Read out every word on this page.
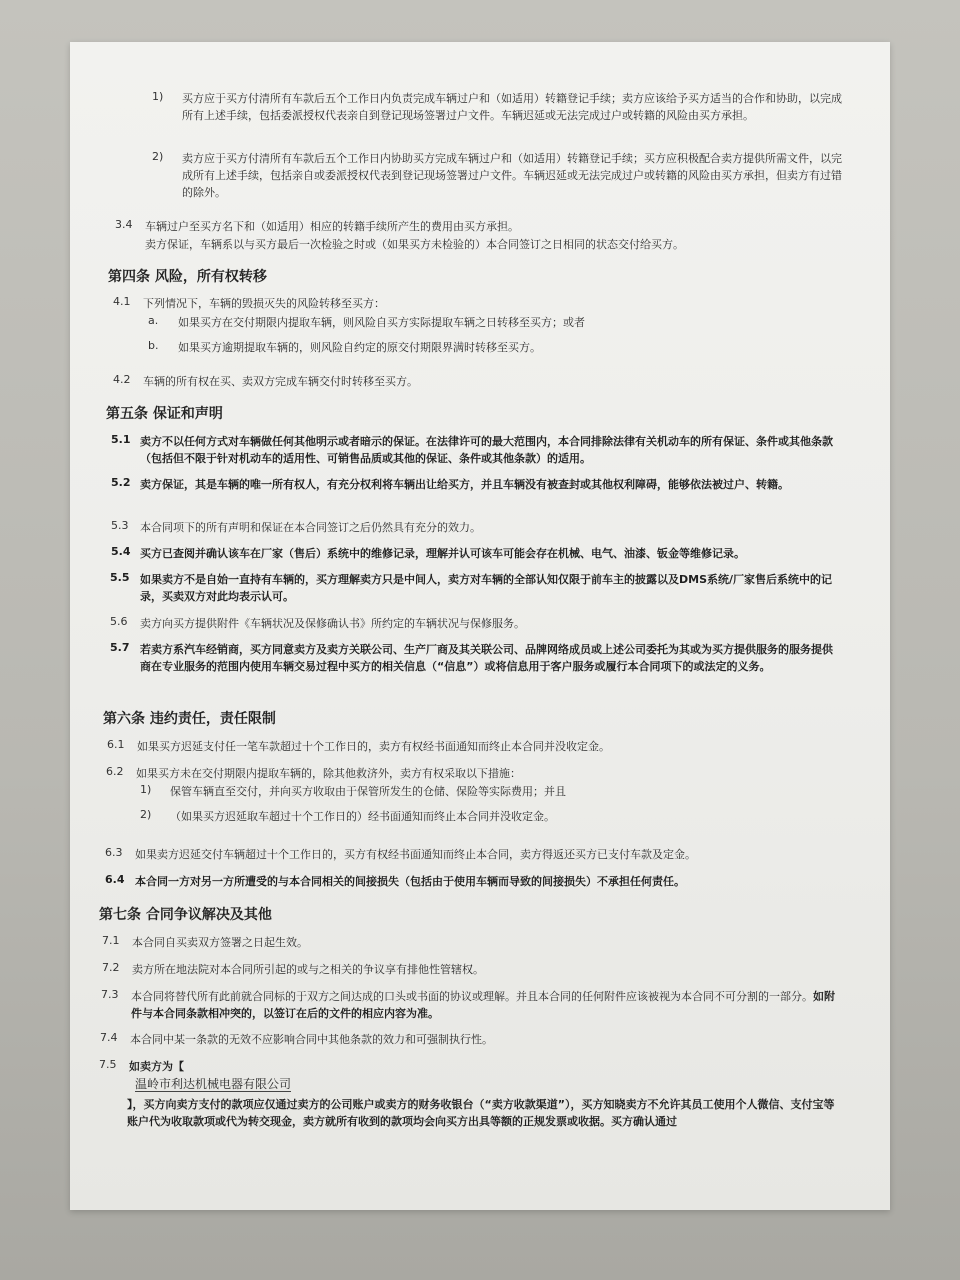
1) 买方应于买方付清所有车款后五个工作日内负责完成车辆过户和（如适用）转籍登记手续；卖方应该给予买方适当的合作和协助，以完成所有上述手续，包括委派授权代表亲自到登记现场签署过户文件。车辆迟延或无法完成过户或转籍的风险由买方承担。
2) 卖方应于买方付清所有车款后五个工作日内协助买方完成车辆过户和（如适用）转籍登记手续；买方应积极配合卖方提供所需文件，以完成所有上述手续，包括亲自或委派授权代表到登记现场签署过户文件。车辆迟延或无法完成过户或转籍的风险由买方承担，但卖方有过错的除外。
3.4 车辆过户至买方名下和（如适用）相应的转籍手续所产生的费用由买方承担。
卖方保证，车辆系以与买方最后一次检验之时或（如果买方未检验的）本合同签订之日相同的状态交付给买方。
第四条 风险，所有权转移
4.1 下列情况下，车辆的毁损灭失的风险转移至买方：
a. 如果买方在交付期限内提取车辆，则风险自买方实际提取车辆之日转移至买方；或者
b. 如果买方逾期提取车辆的，则风险自约定的原交付期限界满时转移至买方。
4.2 车辆的所有权在买、卖双方完成车辆交付时转移至买方。
第五条 保证和声明
5.1 卖方不以任何方式对车辆做任何其他明示或者暗示的保证。在法律许可的最大范围内，本合同排除法律有关机动车的所有保证、条件或其他条款（包括但不限于针对机动车的适用性、可销售品质或其他的保证、条件或其他条款）的适用。
5.2 卖方保证，其是车辆的唯一所有权人，有充分权利将车辆出让给买方，并且车辆没有被查封或其他权利障碍，能够依法被过户、转籍。
5.3 本合同项下的所有声明和保证在本合同签订之后仍然具有充分的效力。
5.4 买方已查阅并确认该车在厂家（售后）系统中的维修记录，理解并认可该车可能会存在机械、电气、油漆、钣金等维修记录。
5.5 如果卖方不是自始一直持有车辆的，买方理解卖方只是中间人，卖方对车辆的全部认知仅限于前车主的披露以及DMS系统/厂家售后系统中的记录，买卖双方对此均表示认可。
5.6 卖方向买方提供附件《车辆状况及保修确认书》所约定的车辆状况与保修服务。
5.7 若卖方系汽车经销商，买方同意卖方及卖方关联公司、生产厂商及其关联公司、品牌网络成员或上述公司委托为其或为买方提供服务的服务提供商在专业服务的范围内使用车辆交易过程中买方的相关信息（“信息”）或将信息用于客户服务或履行本合同项下的或法定的义务。
第六条 违约责任，责任限制
6.1 如果买方迟延支付任一笔车款超过十个工作日的，卖方有权经书面通知而终止本合同并没收定金。
6.2 如果买方未在交付期限内提取车辆的，除其他救济外，卖方有权采取以下措施：
1) 保管车辆直至交付，并向买方收取由于保管所发生的仓储、保险等实际费用；并且
2) （如果买方迟延取车超过十个工作日的）经书面通知而终止本合同并没收定金。
6.3 如果卖方迟延交付车辆超过十个工作日的，买方有权经书面通知而终止本合同，卖方得返还买方已支付车款及定金。
6.4 本合同一方对另一方所遭受的与本合同相关的间接损失（包括由于使用车辆而导致的间接损失）不承担任何责任。
第七条 合同争议解决及其他
7.1 本合同自买卖双方签署之日起生效。
7.2 卖方所在地法院对本合同所引起的或与之相关的争议享有排他性管辖权。
7.3 本合同将替代所有此前就合同标的于双方之间达成的口头或书面的协议或理解。并且本合同的任何附件应该被视为本合同不可分割的一部分。如附件与本合同条款相冲突的，以签订在后的文件的相应内容为准。
7.4 本合同中某一条款的无效不应影响合同中其他条款的效力和可强制执行性。
7.5 如卖方为【
温岭市利达机械电器有限公司
】，买方向卖方支付的款项应仅通过卖方的公司账户或卖方的财务收银台（“卖方收款渠道”），买方知晓卖方不允许其员工使用个人微信、支付宝等账户代为收取款项或代为转交现金，卖方就所有收到的款项均会向买方出具等额的正规发票或收据。买方确认通过
